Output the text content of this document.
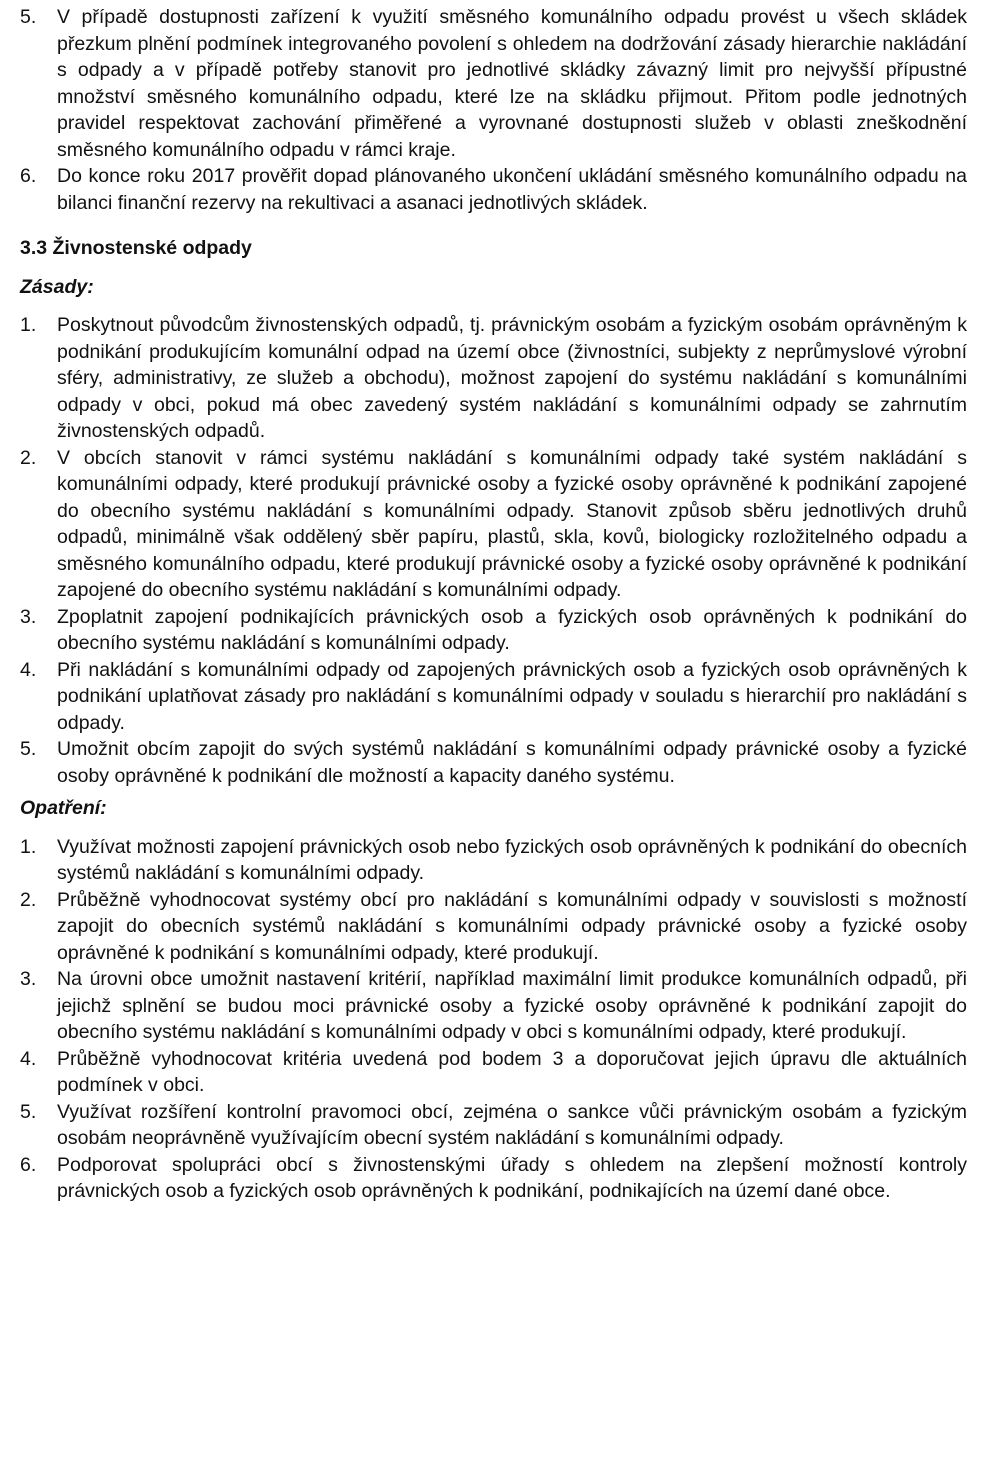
5.	V případě dostupnosti zařízení k využití směsného komunálního odpadu provést u všech skládek přezkum plnění podmínek integrovaného povolení s ohledem na dodržování zásady hierarchie nakládání s odpady a v případě potřeby stanovit pro jednotlivé skládky závazný limit pro nejvyšší přípustné množství směsného komunálního odpadu, které lze na skládku přijmout. Přitom podle jednotných pravidel respektovat zachování přiměřené a vyrovnané dostupnosti služeb v oblasti zneškodnění směsného komunálního odpadu v rámci kraje.
6.	Do konce roku 2017 prověřit dopad plánovaného ukončení ukládání směsného komunálního odpadu na bilanci finanční rezervy na rekultivaci a asanaci jednotlivých skládek.
3.3 Živnostenské odpady
Zásady:
1.	Poskytnout původcům živnostenských odpadů, tj. právnickým osobám a fyzickým osobám oprávněným k podnikání produkujícím komunální odpad na území obce (živnostníci, subjekty z neprůmyslové výrobní sféry, administrativy, ze služeb a obchodu), možnost zapojení do systému nakládání s komunálními odpady v obci, pokud má obec zavedený systém nakládání s komunálními odpady se zahrnutím živnostenských odpadů.
2.	V obcích stanovit v rámci systému nakládání s komunálními odpady také systém nakládání s komunálními odpady, které produkují právnické osoby a fyzické osoby oprávněné k podnikání zapojené do obecního systému nakládání s komunálními odpady. Stanovit způsob sběru jednotlivých druhů odpadů, minimálně však oddělený sběr papíru, plastů, skla, kovů, biologicky rozložitelného odpadu a směsného komunálního odpadu, které produkují právnické osoby a fyzické osoby oprávněné k podnikání zapojené do obecního systému nakládání s komunálními odpady.
3.	Zpoplatnit zapojení podnikajících právnických osob a fyzických osob oprávněných k podnikání do obecního systému nakládání s komunálními odpady.
4.	Při nakládání s komunálními odpady od zapojených právnických osob a fyzických osob oprávněných k podnikání uplatňovat zásady pro nakládání s komunálními odpady v souladu s hierarchií pro nakládání s odpady.
5.	Umožnit obcím zapojit do svých systémů nakládání s komunálními odpady právnické osoby a fyzické osoby oprávněné k podnikání dle možností a kapacity daného systému.
Opatření:
1.	Využívat možnosti zapojení právnických osob nebo fyzických osob oprávněných k podnikání do obecních systémů nakládání s komunálními odpady.
2.	Průběžně vyhodnocovat systémy obcí pro nakládání s komunálními odpady v souvislosti s možností zapojit do obecních systémů nakládání s komunálními odpady právnické osoby a fyzické osoby oprávněné k podnikání s komunálními odpady, které produkují.
3.	Na úrovni obce umožnit nastavení kritérií, například maximální limit produkce komunálních odpadů, při jejichž splnění se budou moci právnické osoby a fyzické osoby oprávněné k podnikání zapojit do obecního systému nakládání s komunálními odpady v obci s komunálními odpady, které produkují.
4.	Průběžně vyhodnocovat kritéria uvedená pod bodem 3 a doporučovat jejich úpravu dle aktuálních podmínek v obci.
5.	Využívat rozšíření kontrolní pravomoci obcí, zejména o sankce vůči právnickým osobám a fyzickým osobám neoprávněně využívajícím obecní systém nakládání s komunálními odpady.
6.	Podporovat spolupráci obcí s živnostenskými úřady s ohledem na zlepšení možností kontroly právnických osob a fyzických osob oprávněných k podnikání, podnikajících na území dané obce.
